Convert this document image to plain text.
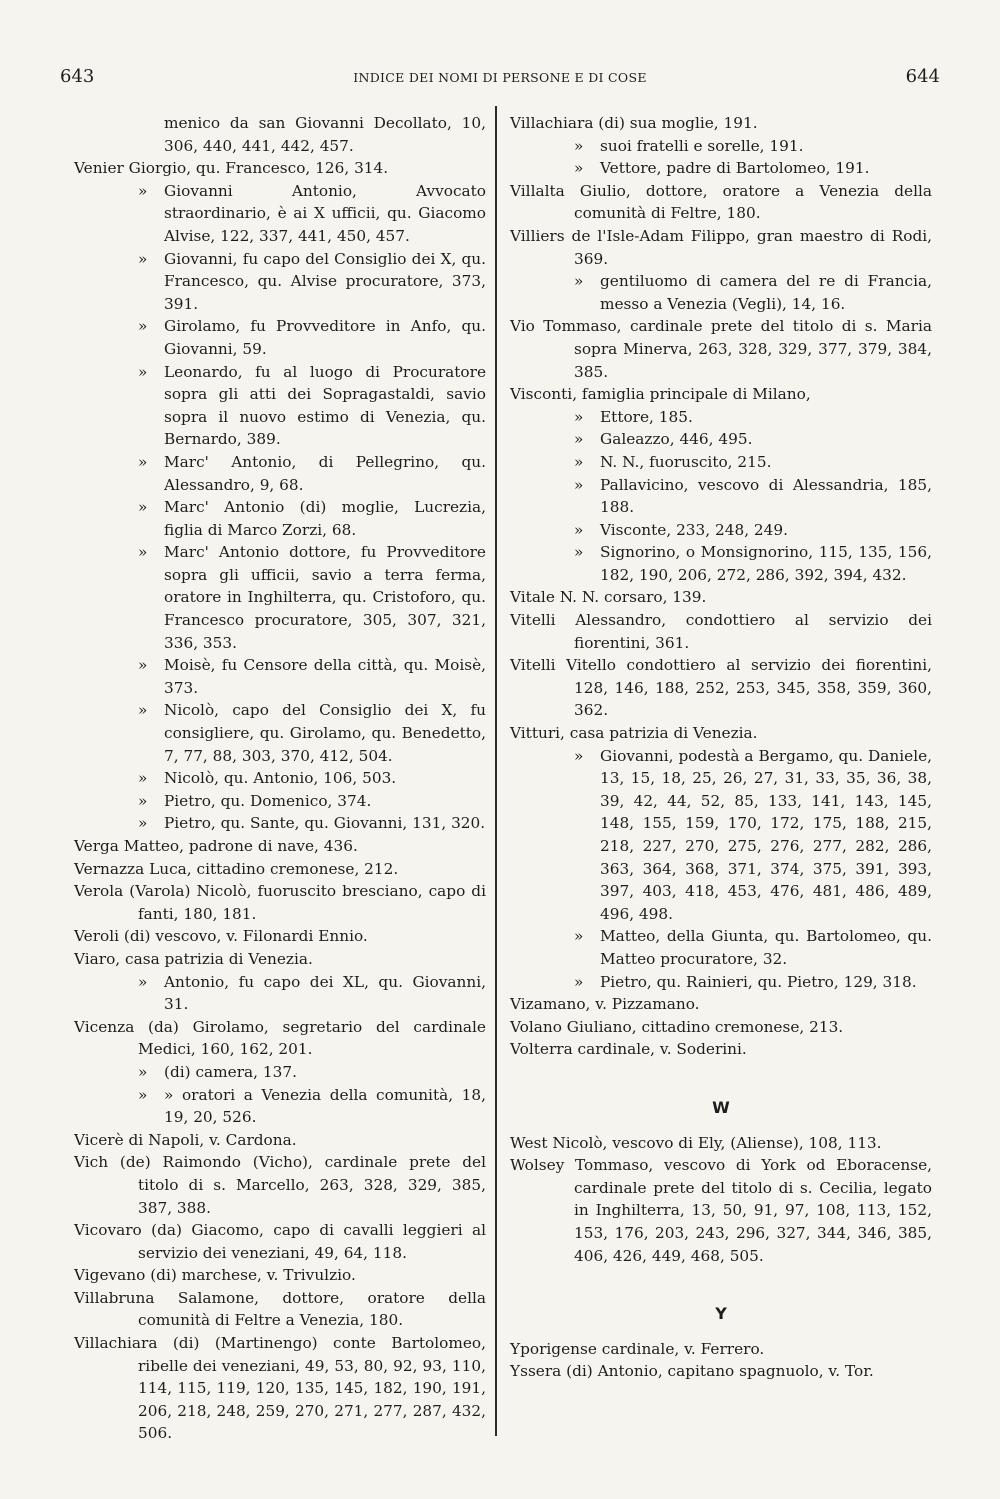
643	INDICE DEI NOMI DI PERSONE E DI COSE	644
menico da san Giovanni Decollato, 10, 306, 440, 441, 442, 457.
Venier Giorgio, qu. Francesco, 126, 314.
» Giovanni Antonio, Avvocato straordinario, è ai X ufficii, qu. Giacomo Alvise, 122, 337, 441, 450, 457.
» Giovanni, fu capo del Consiglio dei X, qu. Francesco, qu. Alvise procuratore, 373, 391.
» Girolamo, fu Provveditore in Anfo, qu. Giovanni, 59.
» Leonardo, fu al luogo di Procuratore sopra gli atti dei Sopragastaldi, savio sopra il nuovo estimo di Venezia, qu. Bernardo, 389.
» Marc' Antonio, di Pellegrino, qu. Alessandro, 9, 68.
» Marc' Antonio (di) moglie, Lucrezia, figlia di Marco Zorzi, 68.
» Marc' Antonio dottore, fu Provveditore sopra gli ufficii, savio a terra ferma, oratore in Inghilterra, qu. Cristoforo, qu. Francesco procuratore, 305, 307, 321, 336, 353.
» Moisè, fu Censore della città, qu. Moisè, 373.
» Nicolò, capo del Consiglio dei X, fu consigliere, qu. Girolamo, qu. Benedetto, 7, 77, 88, 303, 370, 412, 504.
» Nicolò, qu. Antonio, 106, 503.
» Pietro, qu. Domenico, 374.
» Pietro, qu. Sante, qu. Giovanni, 131, 320.
Verga Matteo, padrone di nave, 436.
Vernazza Luca, cittadino cremonese, 212.
Verola (Varola) Nicolò, fuoruscito bresciano, capo di fanti, 180, 181.
Veroli (di) vescovo, v. Filonardi Ennio.
Viaro, casa patrizia di Venezia.
» Antonio, fu capo dei XL, qu. Giovanni, 31.
Vicenza (da) Girolamo, segretario del cardinale Medici, 160, 162, 201.
» (di) camera, 137.
» » oratori a Venezia della comunità, 18, 19, 20, 526.
Vicerè di Napoli, v. Cardona.
Vich (de) Raimondo (Vicho), cardinale prete del titolo di s. Marcello, 263, 328, 329, 385, 387, 388.
Vicovaro (da) Giacomo, capo di cavalli leggieri al servizio dei veneziani, 49, 64, 118.
Vigevano (di) marchese, v. Trivulzio.
Villabruna Salamone, dottore, oratore della comunità di Feltre a Venezia, 180.
Villachiara (di) (Martinengo) conte Bartolomeo, ribelle dei veneziani, 49, 53, 80, 92, 93, 110, 114, 115, 119, 120, 135, 145, 182, 190, 191, 206, 218, 248, 259, 270, 271, 277, 287, 432, 506.
Villachiara (di) sua moglie, 191.
» suoi fratelli e sorelle, 191.
» Vettore, padre di Bartolomeo, 191.
Villalta Giulio, dottore, oratore a Venezia della comunità di Feltre, 180.
Villiers de l'Isle-Adam Filippo, gran maestro di Rodi, 369.
» gentiluomo di camera del re di Francia, messo a Venezia (Vegli), 14, 16.
Vio Tommaso, cardinale prete del titolo di s. Maria sopra Minerva, 263, 328, 329, 377, 379, 384, 385.
Visconti, famiglia principale di Milano,
» Ettore, 185.
» Galeazzo, 446, 495.
» N. N., fuoruscito, 215.
» Pallavicino, vescovo di Alessandria, 185, 188.
» Visconte, 233, 248, 249.
» Signorino, o Monsignorino, 115, 135, 156, 182, 190, 206, 272, 286, 392, 394, 432.
Vitale N. N. corsaro, 139.
Vitelli Alessandro, condottiero al servizio dei fiorentini, 361.
Vitelli Vitello condottiero al servizio dei fiorentini, 128, 146, 188, 252, 253, 345, 358, 359, 360, 362.
Vitturi, casa patrizia di Venezia.
» Giovanni, podestà a Bergamo, qu. Daniele, 13, 15, 18, 25, 26, 27, 31, 33, 35, 36, 38, 39, 42, 44, 52, 85, 133, 141, 143, 145, 148, 155, 159, 170, 172, 175, 188, 215, 218, 227, 270, 275, 276, 277, 282, 286, 363, 364, 368, 371, 374, 375, 391, 393, 397, 403, 418, 453, 476, 481, 486, 489, 496, 498.
» Matteo, della Giunta, qu. Bartolomeo, qu. Matteo procuratore, 32.
» Pietro, qu. Rainieri, qu. Pietro, 129, 318.
Vizamano, v. Pizzamano.
Volano Giuliano, cittadino cremonese, 213.
Volterra cardinale, v. Soderini.
W
West Nicolò, vescovo di Ely, (Aliense), 108, 113.
Wolsey Tommaso, vescovo di York od Eboracense, cardinale prete del titolo di s. Cecilia, legato in Inghilterra, 13, 50, 91, 97, 108, 113, 152, 153, 176, 203, 243, 296, 327, 344, 346, 385, 406, 426, 449, 468, 505.
Y
Yporigense cardinale, v. Ferrero.
Yssera (di) Antonio, capitano spagnuolo, v. Tor.
